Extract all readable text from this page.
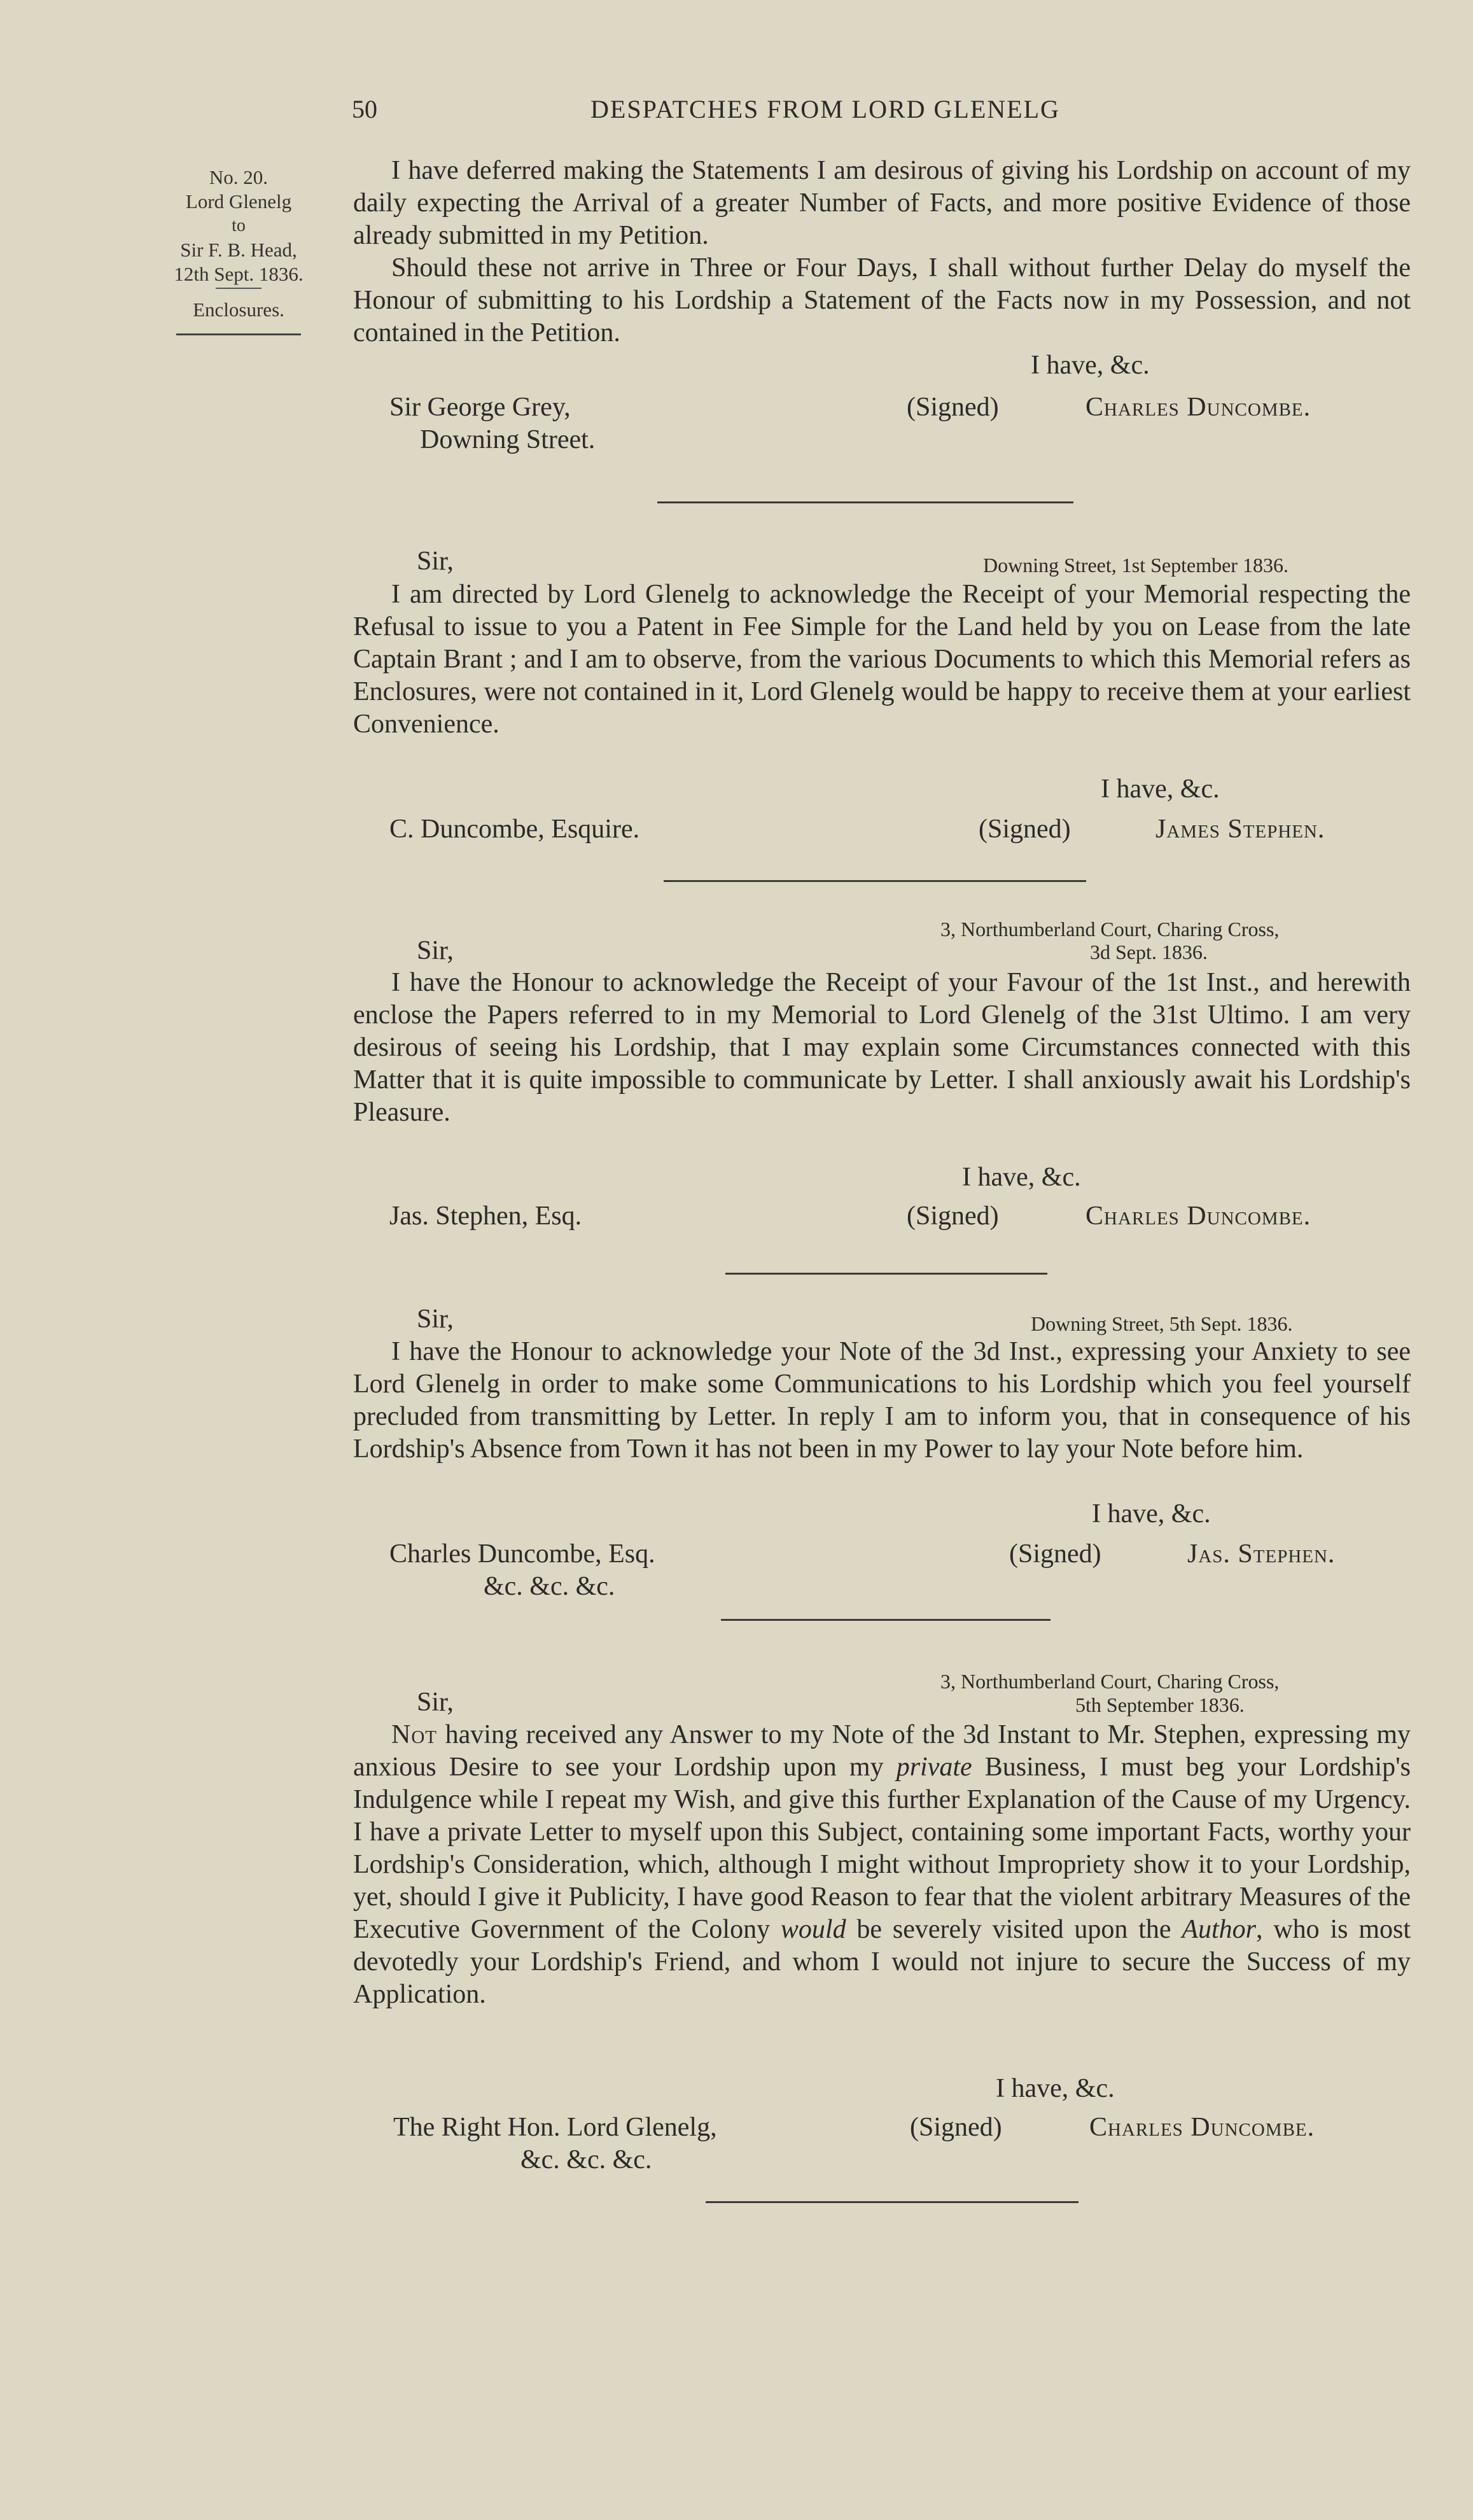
50	DESPATCHES FROM LORD GLENELG
No. 20.
Lord Glenelg
to
Sir F. B. Head,
12th Sept. 1836.
Enclosures.

I have deferred making the Statements I am desirous of giving his Lordship on account of my daily expecting the Arrival of a greater Number of Facts, and more positive Evidence of those already submitted in my Petition.

Should these not arrive in Three or Four Days, I shall without further Delay do myself the Honour of submitting to his Lordship a Statement of the Facts now in my Possession, and not contained in the Petition.

I have, &c.
Sir George Grey,
Downing Street.
(Signed)	Charles Duncombe.
Sir,	Downing Street, 1st September 1836.

I am directed by Lord Glenelg to acknowledge the Receipt of your Memorial respecting the Refusal to issue to you a Patent in Fee Simple for the Land held by you on Lease from the late Captain Brant ; and I am to observe, from the various Documents to which this Memorial refers as Enclosures, were not contained in it, Lord Glenelg would be happy to receive them at your earliest Convenience.

I have, &c.
C. Duncombe, Esquire.	(Signed)	James Stephen.
3, Northumberland Court, Charing Cross,
3d Sept. 1836.
Sir,

I have the Honour to acknowledge the Receipt of your Favour of the 1st Inst., and herewith enclose the Papers referred to in my Memorial to Lord Glenelg of the 31st Ultimo. I am very desirous of seeing his Lordship, that I may explain some Circumstances connected with this Matter that it is quite impossible to communicate by Letter. I shall anxiously await his Lordship's Pleasure.

I have, &c.
Jas. Stephen, Esq.	(Signed)	Charles Duncombe.
Sir,	Downing Street, 5th Sept. 1836.

I have the Honour to acknowledge your Note of the 3d Inst., expressing your Anxiety to see Lord Glenelg in order to make some Communications to his Lordship which you feel yourself precluded from transmitting by Letter. In reply I am to inform you, that in consequence of his Lordship's Absence from Town it has not been in my Power to lay your Note before him.

I have, &c.
Charles Duncombe, Esq.
&c. &c. &c.
(Signed)	Jas. Stephen.
3, Northumberland Court, Charing Cross,
5th September 1836.
Sir,

Not having received any Answer to my Note of the 3d Instant to Mr. Stephen, expressing my anxious Desire to see your Lordship upon my private Business, I must beg your Lordship's Indulgence while I repeat my Wish, and give this further Explanation of the Cause of my Urgency. I have a private Letter to myself upon this Subject, containing some important Facts, worthy your Lordship's Consideration, which, although I might without Impropriety show it to your Lordship, yet, should I give it Publicity, I have good Reason to fear that the violent arbitrary Measures of the Executive Government of the Colony would be severely visited upon the Author, who is most devotedly your Lordship's Friend, and whom I would not injure to secure the Success of my Application.

I have, &c.
The Right Hon. Lord Glenelg,
&c. &c. &c.
(Signed)	Charles Duncombe.
